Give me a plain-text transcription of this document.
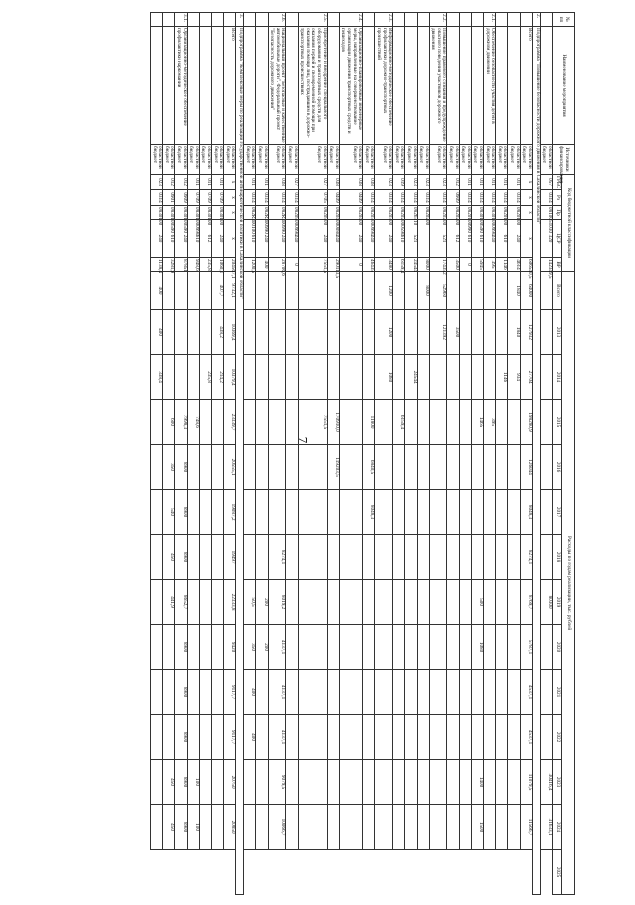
7
№ пп	Наименование мероприятия	Источники финансирования	Код бюджетной классификации					Расходы по годам реализации, тыс. рублей													
			ГРБС	Рз	Пр	ЦСР	ВР	Всего	2013	2014	2015	2016	2017	2018	2019	2020	2021	2022	2023	2024	2025
		областной бюджет	057	0314	0810051030	320	142349,5								80300				30416,4	31633,1	
2.	Подпрограмма "Повышение безопасности дорожного движения в Сахалинской области"																				
	Всего	областной бюджет	x	x	x	x	606540,5	64000	127932	27704	198280,9	126044	8048,3	8274,1	8769,7	5787,1	4537,1	4537,1	11079,5	11566,7	
		областной бюджет	011	0314	0820100	240	4614	1840	1840	934											
		областной бюджет	011	0314	0820100	610	1146			1146											
2.1.	Обеспечение безопасности участия детей в дорожном движении	областной бюджет	011	0314	08301000990	240	395				395										
		областной бюджет	011	0314	0830100590	610	5945				1465				500	1080			1400	1500	
		областной бюджет	011	0314	0820100990	610	0														
		областной бюджет	012	0909	0820200	612	3500		3500												
2.2.	Повышение правового сознания и предупреждение опасного поведения участников дорожного движения	областной бюджет	023	0314	0820200	521	174352	52960	121392												
		областной бюджет	023	0314	0820200		8000	8000													
		областной бюджет	023	0314	0826310	521	24544			24544											
		областной бюджет	019	0314	08202000590	610	6159,4				6159,4										
2.3.	Информационно-методическое обеспечение профилактики дорожно-транспортных происшествий	областной бюджет	023	0314	0820300	240	3480	1200	1200	1080											
		областной бюджет	038	0314	08203000990	240	46435				11800	6840,5	8048,3								
2.4.	Организационно-планировочные инженерные меры, направленные на совершенствование организации движения транспортных средств и пешеходов	областной бюджет	038	0409	0820400	240	0														
		областной бюджет	038	0409	08204000080	240	290113,5				170910,0	119203,5									
2.5.	Приобретение и внедрение специального оборудования и транспортных средств для оказания первой и своевременной помощи при оказании помощи лиц, пострадавшим в дорожно-транспортных происшествиях	областной бюджет	027	0705	0820500	240	7551,5				7551,5										
		областной бюджет	027	0314	08205000990	240	0														
2.6.	Национальный проект "Безопасные и качественные автомобильные дороги". Федеральный проект "Безопасность дорожного движения"	областной бюджет	038	0314	082R300990	240	28706,6							8274,1	8019,2	4137,1	4137,1	4137,1	9079,5	10066,7	
		областной бюджет	011	0314	082R300990	240	400								200	200					
		областной бюджет	011	0314	082R300100	610	1200,5								50,5	350	400	400			
3.	Подпрограмма "Комплексные меры по реализации государственной антинаркотической политики в Сахалинской области"																				
	Всего	областной бюджет	x	x	x	x	204567,1	9732,1	10369,4	10379,4	23339,7	20555,1	19087,2	19497	22333,8	9420	9117,7	9117,7	20750	20850	
		областной бюджет	011	0709	0830100	240	1060,1	407,7	438,2	214,2											
		областной бюджет	011	0709	0830100	612	235,8			235,8											
		областной бюджет	011	0709	08301000990	610	948,6				748,6								100	100	
3.1.	Организационно-методическое обеспечение профилактики наркомании	областной бюджет	012	0909	0830100590	240	87851				7998,3	8900	8900	8900	8652,7	8900	8900	8900	8900	8900	
		областной бюджет	012	0901	0830100590	610	3281,9				600	350	540	450	441,9				450	450	
		областной бюджет	023	0314	0830100	240	1138,4	400	400	338,4											
